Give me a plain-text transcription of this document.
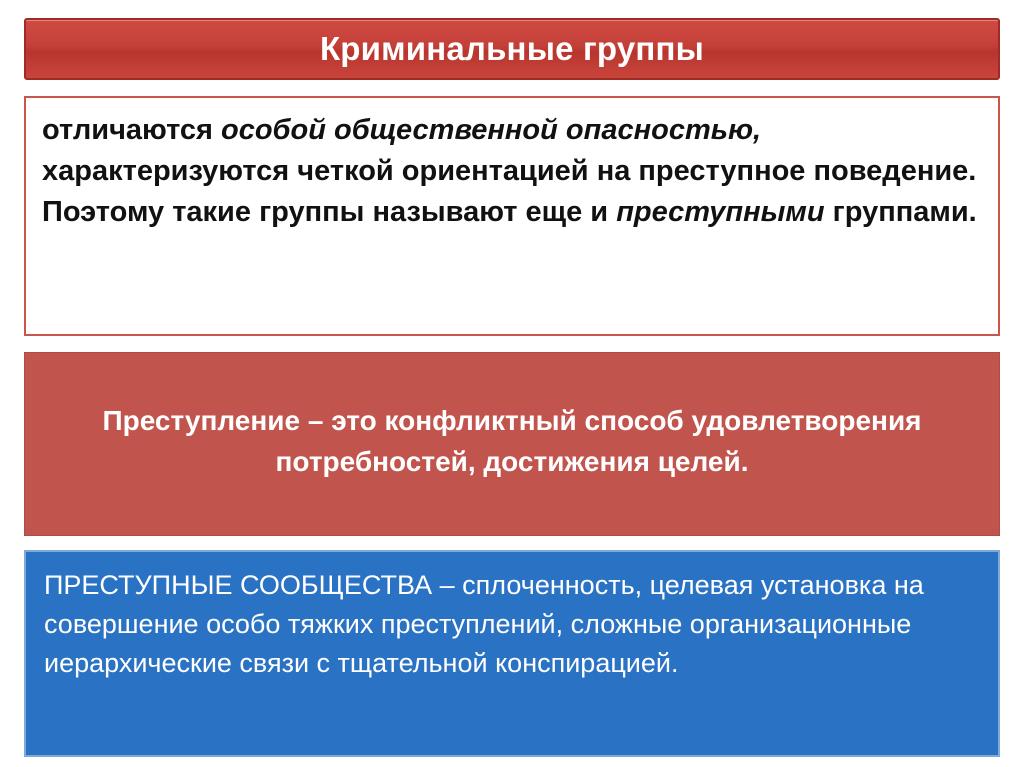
Криминальные группы

отличаются особой общественной опасностью, характеризуются четкой ориентацией на преступное поведение. Поэтому такие группы называют еще и преступными группами.

Преступление – это конфликтный способ удовлетворения потребностей, достижения целей.

ПРЕСТУПНЫЕ СООБЩЕСТВА – сплоченность, целевая установка на совершение особо тяжких преступлений, сложные организационные иерархические связи с тщательной конспирацией.
